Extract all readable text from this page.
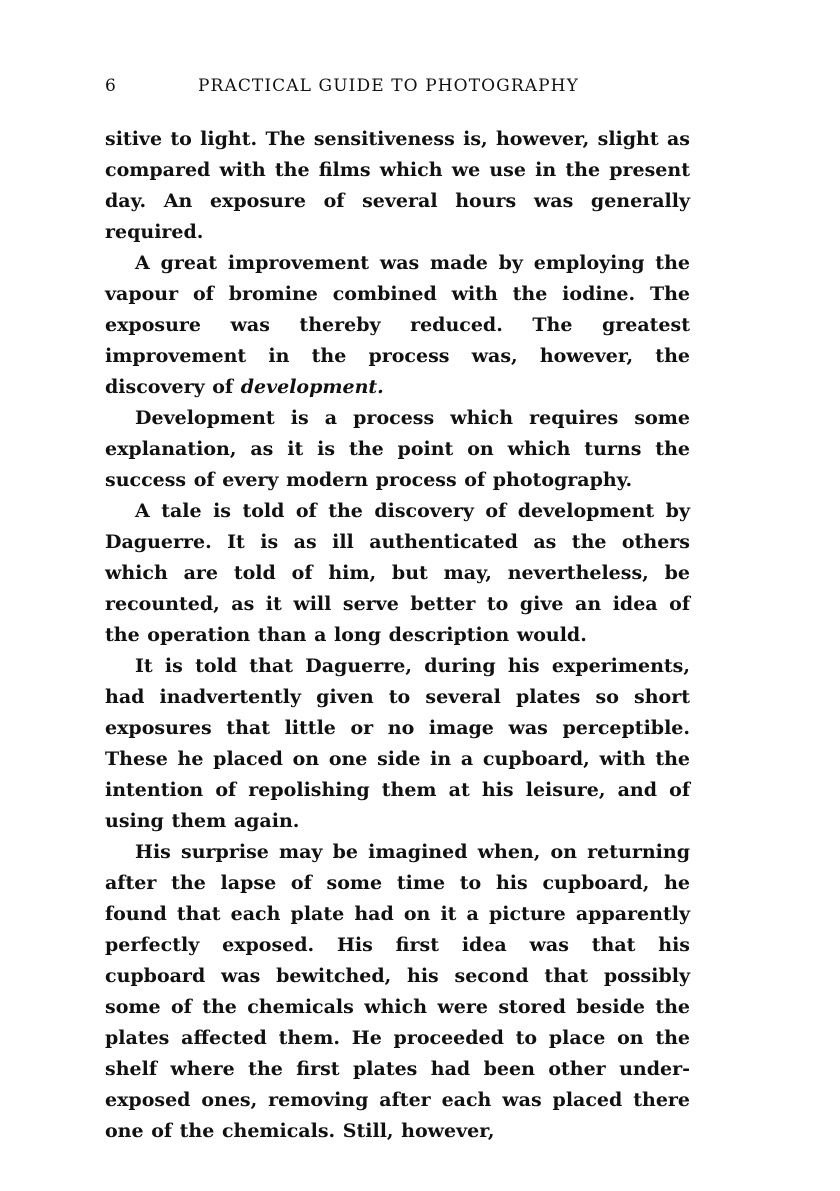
6	PRACTICAL GUIDE TO PHOTOGRAPHY

sitive to light. The sensitiveness is, however, slight as compared with the films which we use in the present day. An exposure of several hours was generally required.

A great improvement was made by employing the vapour of bromine combined with the iodine. The exposure was thereby reduced. The greatest improvement in the process was, however, the discovery of development.

Development is a process which requires some explanation, as it is the point on which turns the success of every modern process of photography.

A tale is told of the discovery of development by Daguerre. It is as ill authenticated as the others which are told of him, but may, nevertheless, be recounted, as it will serve better to give an idea of the operation than a long description would.

It is told that Daguerre, during his experiments, had inadvertently given to several plates so short exposures that little or no image was perceptible. These he placed on one side in a cupboard, with the intention of repolishing them at his leisure, and of using them again.

His surprise may be imagined when, on returning after the lapse of some time to his cupboard, he found that each plate had on it a picture apparently perfectly exposed. His first idea was that his cupboard was bewitched, his second that possibly some of the chemicals which were stored beside the plates affected them. He proceeded to place on the shelf where the first plates had been other under-exposed ones, removing after each was placed there one of the chemicals. Still, however,
